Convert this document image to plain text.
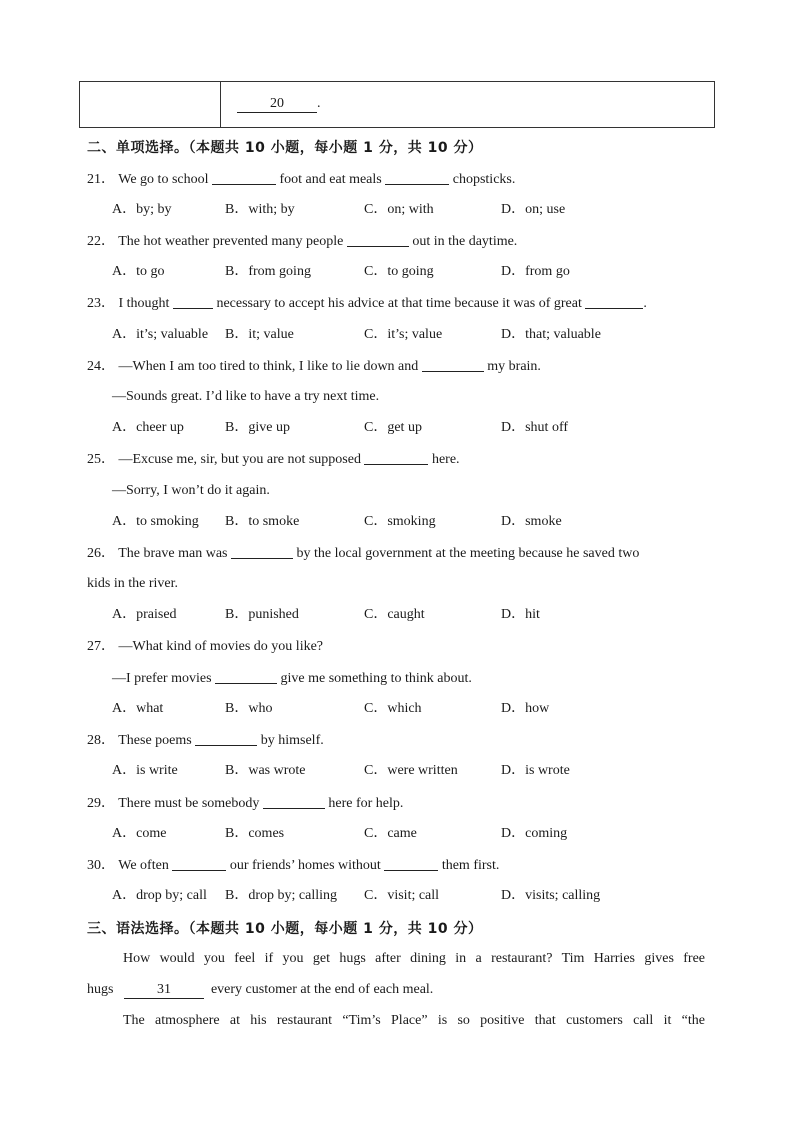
20 .
二、单项选择。（本题共 10 小题，每小题 1 分，共 10 分）
21． We go to school	foot and eat meals	chopsticks.
A．by; by	B．with; by	C．on; with	D．on; use
22． The hot weather prevented many people	out in the daytime.
A．to go	B．from going	C．to going	D．from go
23． I thought	necessary to accept his advice at that time because it was of great	.
A．it’s; valuable B．it; value	C．it’s; value	D．that; valuable
24． —When I am too tired to think, I like to lie down and	my brain.
—Sounds great. I’d like to have a try next time.
A．cheer up	B．give up	C．get up	D．shut off
25． —Excuse me, sir, but you are not supposed	here.
—Sorry, I won’t do it again.
A．to smoking B．to smoke	C．smoking	D．smoke
26． The brave man was	by the local government at the meeting because he saved two
kids in the river.
A．praised	B．punished	C．caught	D．hit
27． —What kind of movies do you like?
—I prefer movies	give me something to think about.
A．what	B．who	C．which	D．how
28． These poems	by himself.
A．is write	B．was wrote	C．were written	D．is wrote
29． There must be somebody	here for help.
A．come	B．comes	C．came	D．coming
30． We often	our friends’ homes without	them first.
A．drop by; call B．drop by; calling C．visit; call	D．visits; calling
三、语法选择。（本题共 10 小题，每小题 1 分，共 10 分）
How would you feel if you get hugs after dining in a restaurant? Tim Harries gives free
hugs	31	every customer at the end of each meal.
The atmosphere at his restaurant “Tim’s Place” is so positive that customers call it “the
